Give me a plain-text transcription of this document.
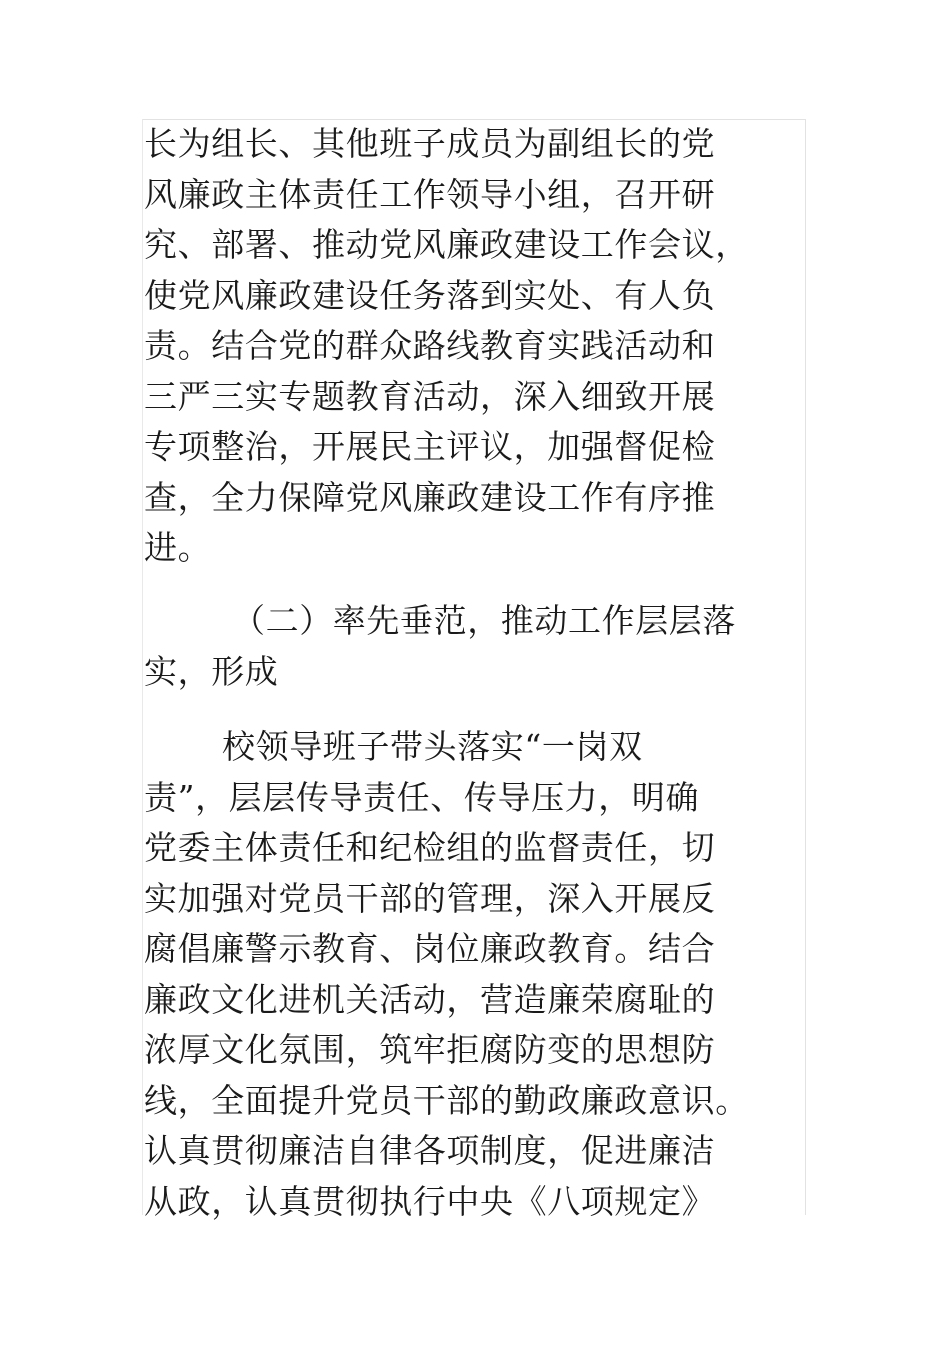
长为组长、其他班子成员为副组长的党
风廉政主体责任工作领导小组，召开研
究、部署、推动党风廉政建设工作会议，
使党风廉政建设任务落到实处、有人负
责。结合党的群众路线教育实践活动和
三严三实专题教育活动，深入细致开展
专项整治，开展民主评议，加强督促检
查，全力保障党风廉政建设工作有序推
进。
（二）率先垂范，推动工作层层落
实，形成
校领导班子带头落实“一岗双
责”，层层传导责任、传导压力，明确
党委主体责任和纪检组的监督责任，切
实加强对党员干部的管理，深入开展反
腐倡廉警示教育、岗位廉政教育。结合
廉政文化进机关活动，营造廉荣腐耻的
浓厚文化氛围，筑牢拒腐防变的思想防
线，全面提升党员干部的勤政廉政意识。
认真贯彻廉洁自律各项制度，促进廉洁
从政，认真贯彻执行中央《八项规定》
